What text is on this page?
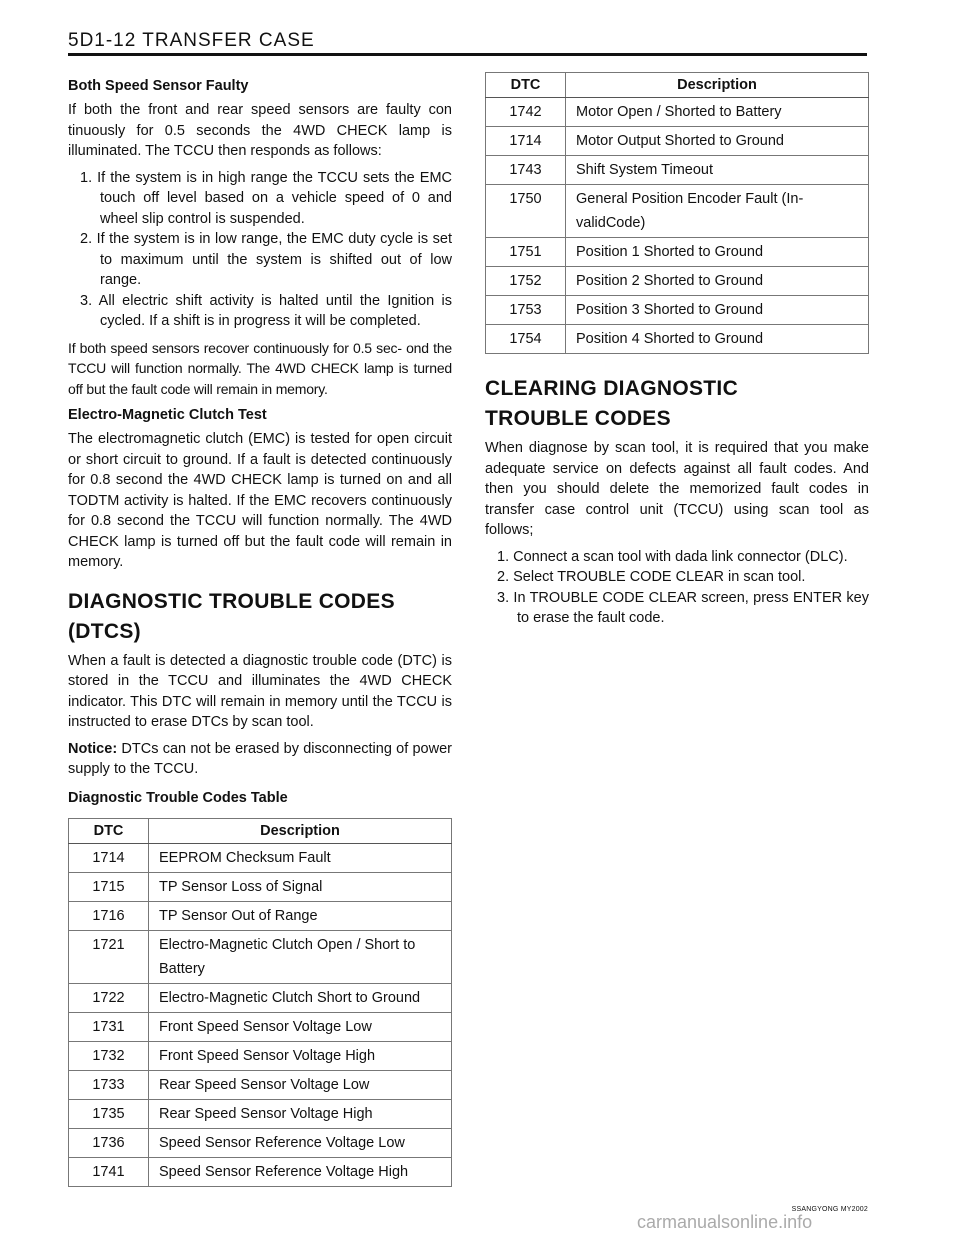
5D1-12 TRANSFER CASE
Both Speed Sensor Faulty

If both the front and rear speed sensors are faulty con tinuously for 0.5 seconds the 4WD CHECK lamp is illuminated. The TCCU then responds as follows:

1. If the system is in high range the TCCU sets the EMC touch off level based on a vehicle speed of 0 and wheel slip control is suspended.
2. If the system is in low range, the EMC duty cycle is set to maximum until the system is shifted out of low range.
3. All electric shift activity is halted until the Ignition is cycled. If a shift is in progress it will be completed.

If both speed sensors recover continuously for 0.5 sec- ond the TCCU will function normally. The 4WD CHECK lamp is turned off but the fault code will remain in memory.

Electro-Magnetic Clutch Test

The electromagnetic clutch (EMC) is tested for open circuit or short circuit to ground. If a fault is detected continuously for 0.8 second the 4WD CHECK lamp is turned on and all TODTM activity is halted. If the EMC recovers continuously for 0.8 second the TCCU will function normally. The 4WD CHECK lamp is turned off but the fault code will remain in memory.

DIAGNOSTIC TROUBLE CODES (DTCS)

When a fault is detected a diagnostic trouble code (DTC) is stored in the TCCU and illuminates the 4WD CHECK indicator. This DTC will remain in memory until the TCCU is instructed to erase DTCs by scan tool.

Notice: DTCs can not be erased by disconnecting of power supply to the TCCU.

Diagnostic Trouble Codes Table
DTC	Description
1714	EEPROM Checksum Fault
1715	TP Sensor Loss of Signal
1716	TP Sensor Out of Range
1721	Electro-Magnetic Clutch Open / Short to Battery
1722	Electro-Magnetic Clutch Short to Ground
1731	Front Speed Sensor Voltage Low
1732	Front Speed Sensor Voltage High
1733	Rear Speed Sensor Voltage Low
1735	Rear Speed Sensor Voltage High
1736	Speed Sensor Reference Voltage Low
1741	Speed Sensor Reference Voltage High
DTC	Description
1742	Motor Open / Shorted to Battery
1714	Motor Output Shorted to Ground
1743	Shift System Timeout
1750	General Position Encoder Fault (In- validCode)
1751	Position 1 Shorted to Ground
1752	Position 2 Shorted to Ground
1753	Position 3 Shorted to Ground
1754	Position 4 Shorted to Ground
CLEARING DIAGNOSTIC TROUBLE CODES

When diagnose by scan tool, it is required that you make adequate service on defects against all fault codes. And then you should delete the memorized fault codes in transfer case control unit (TCCU) using scan tool as follows;

1. Connect a scan tool with dada link connector (DLC).
2. Select TROUBLE CODE CLEAR in scan tool.
3. In TROUBLE CODE CLEAR screen, press ENTER key to erase the fault code.
SSANGYONG MY2002
carmanualsonline.info
